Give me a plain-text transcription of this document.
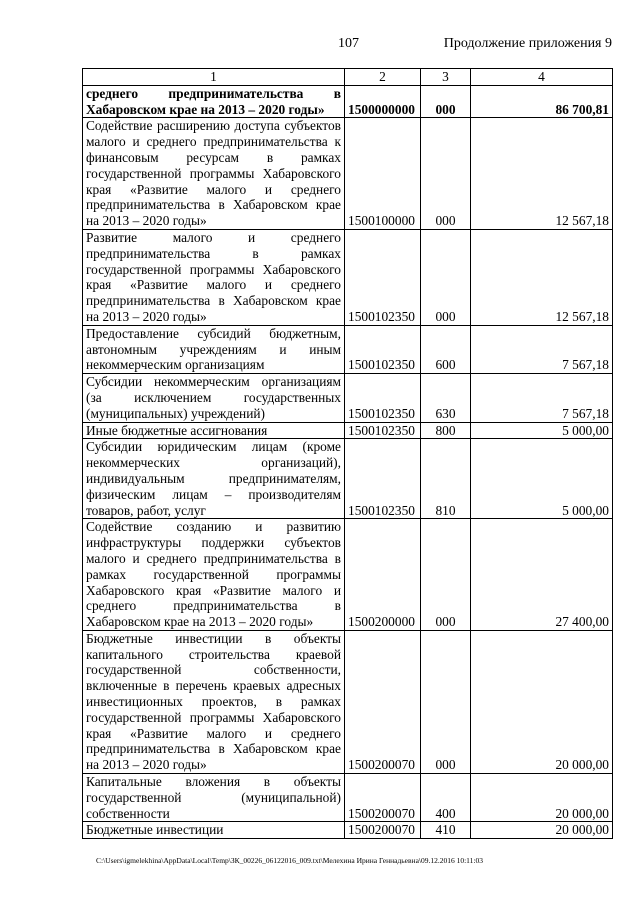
107	Продолжение приложения 9
1	2	3	4
среднего предпринимательства в Хабаровском крае на 2013 – 2020 годы»	1500000000	000	86 700,81
Содействие расширению доступа субъектов малого и среднего предпринимательства к финансовым ресурсам в рамках государственной программы Хабаровского края «Развитие малого и среднего предпринимательства в Хабаровском крае на 2013 – 2020 годы»	1500100000	000	12 567,18
Развитие малого и среднего предпринимательства в рамках государственной программы Хабаровского края «Развитие малого и среднего предпринимательства в Хабаровском крае на 2013 – 2020 годы»	1500102350	000	12 567,18
Предоставление субсидий бюджетным, автономным учреждениям и иным некоммерческим организациям	1500102350	600	7 567,18
Субсидии некоммерческим организациям (за исключением государственных (муниципальных) учреждений)	1500102350	630	7 567,18
Иные бюджетные ассигнования	1500102350	800	5 000,00
Субсидии юридическим лицам (кроме некоммерческих организаций), индивидуальным предпринимателям, физическим лицам – производителям товаров, работ, услуг	1500102350	810	5 000,00
Содействие созданию и развитию инфраструктуры поддержки субъектов малого и среднего предпринимательства в рамках государственной программы Хабаровского края «Развитие малого и среднего предпринимательства в Хабаровском крае на 2013 – 2020 годы»	1500200000	000	27 400,00
Бюджетные инвестиции в объекты капитального строительства краевой государственной собственности, включенные в перечень краевых адресных инвестиционных проектов, в рамках государственной программы Хабаровского края «Развитие малого и среднего предпринимательства в Хабаровском крае на 2013 – 2020 годы»	1500200070	000	20 000,00
Капитальные вложения в объекты государственной (муниципальной) собственности	1500200070	400	20 000,00
Бюджетные инвестиции	1500200070	410	20 000,00
C:\Users\igmelekhina\AppData\Local\Temp\ЗК_00226_06122016_009.txt\Мелехина Ирина Геннадьевна\09.12.2016 10:11:03
